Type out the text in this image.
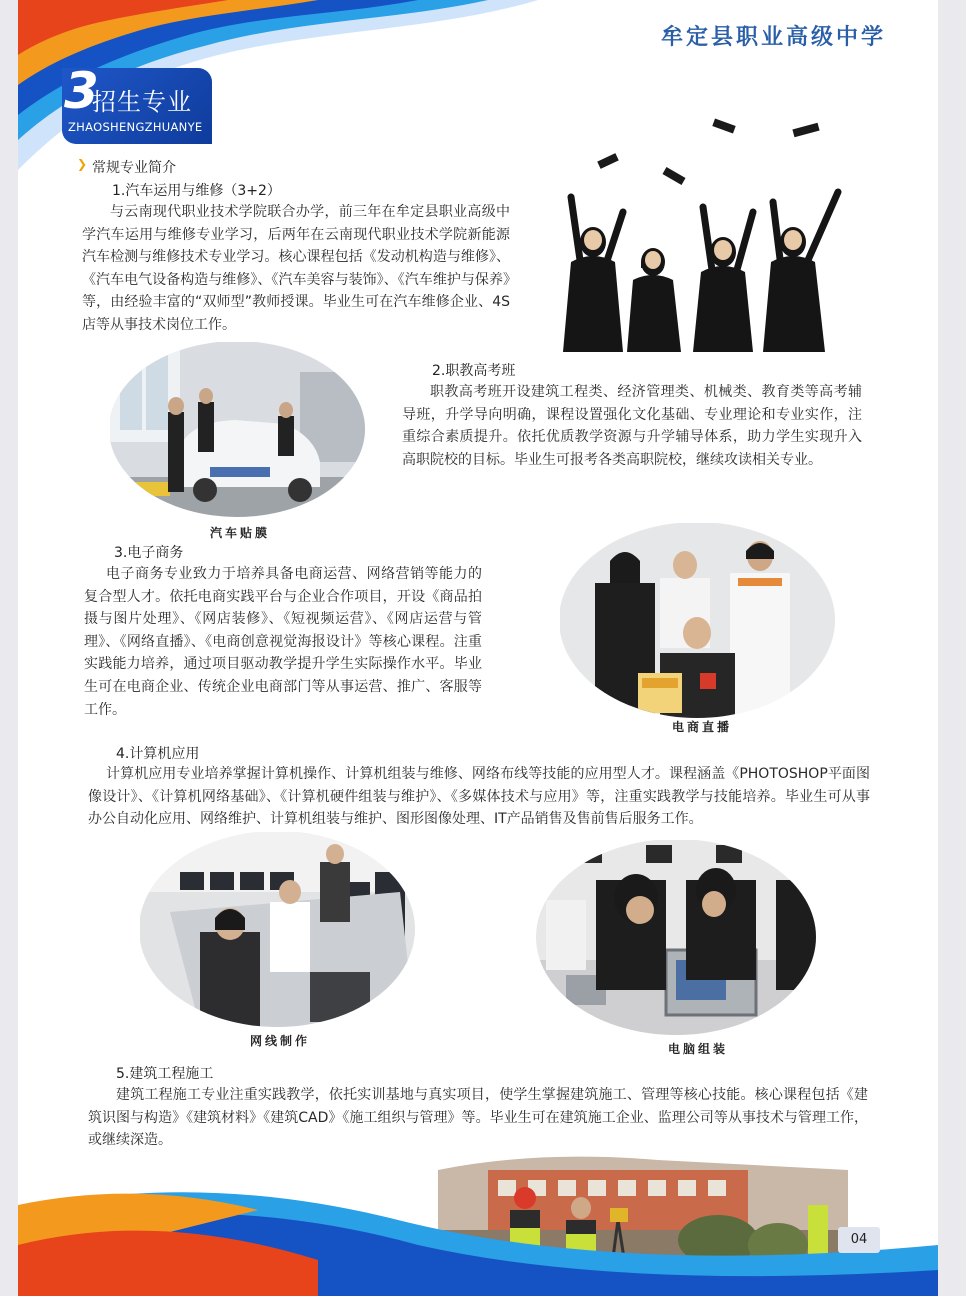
牟定县职业高级中学
3
招生专业
ZHAOSHENGZHUANYE
❯ 常规专业简介
1.汽车运用与维修（3+2）
与云南现代职业技术学院联合办学，前三年在牟定县职业高级中学汽车运用与维修专业学习，后两年在云南现代职业技术学院新能源汽车检测与维修技术专业学习。核心课程包括《发动机构造与维修》、《汽车电气设备构造与维修》、《汽车美容与装饰》、《汽车维护与保养》等，由经验丰富的“双师型”教师授课。毕业生可在汽车维修企业、4S店等从事技术岗位工作。
汽车贴膜
2.职教高考班
职教高考班开设建筑工程类、经济管理类、机械类、教育类等高考辅导班，升学导向明确，课程设置强化文化基础、专业理论和专业实作，注重综合素质提升。依托优质教学资源与升学辅导体系，助力学生实现升入高职院校的目标。毕业生可报考各类高职院校，继续攻读相关专业。
3.电子商务
电子商务专业致力于培养具备电商运营、网络营销等能力的复合型人才。依托电商实践平台与企业合作项目，开设《商品拍摄与图片处理》、《网店装修》、《短视频运营》、《网店运营与管理》、《网络直播》、《电商创意视觉海报设计》等核心课程。注重实践能力培养，通过项目驱动教学提升学生实际操作水平。毕业生可在电商企业、传统企业电商部门等从事运营、推广、客服等工作。
电商直播
4.计算机应用
计算机应用专业培养掌握计算机操作、计算机组装与维修、网络布线等技能的应用型人才。课程涵盖《PHOTOSHOP平面图像设计》、《计算机网络基础》、《计算机硬件组装与维护》、《多媒体技术与应用》等，注重实践教学与技能培养。毕业生可从事办公自动化应用、网络维护、计算机组装与维护、图形图像处理、IT产品销售及售前售后服务工作。
网线制作
电脑组装
5.建筑工程施工
建筑工程施工专业注重实践教学，依托实训基地与真实项目，使学生掌握建筑施工、管理等核心技能。核心课程包括《建筑识图与构造》《建筑材料》《建筑CAD》《施工组织与管理》等。毕业生可在建筑施工企业、监理公司等从事技术与管理工作，或继续深造。
04
